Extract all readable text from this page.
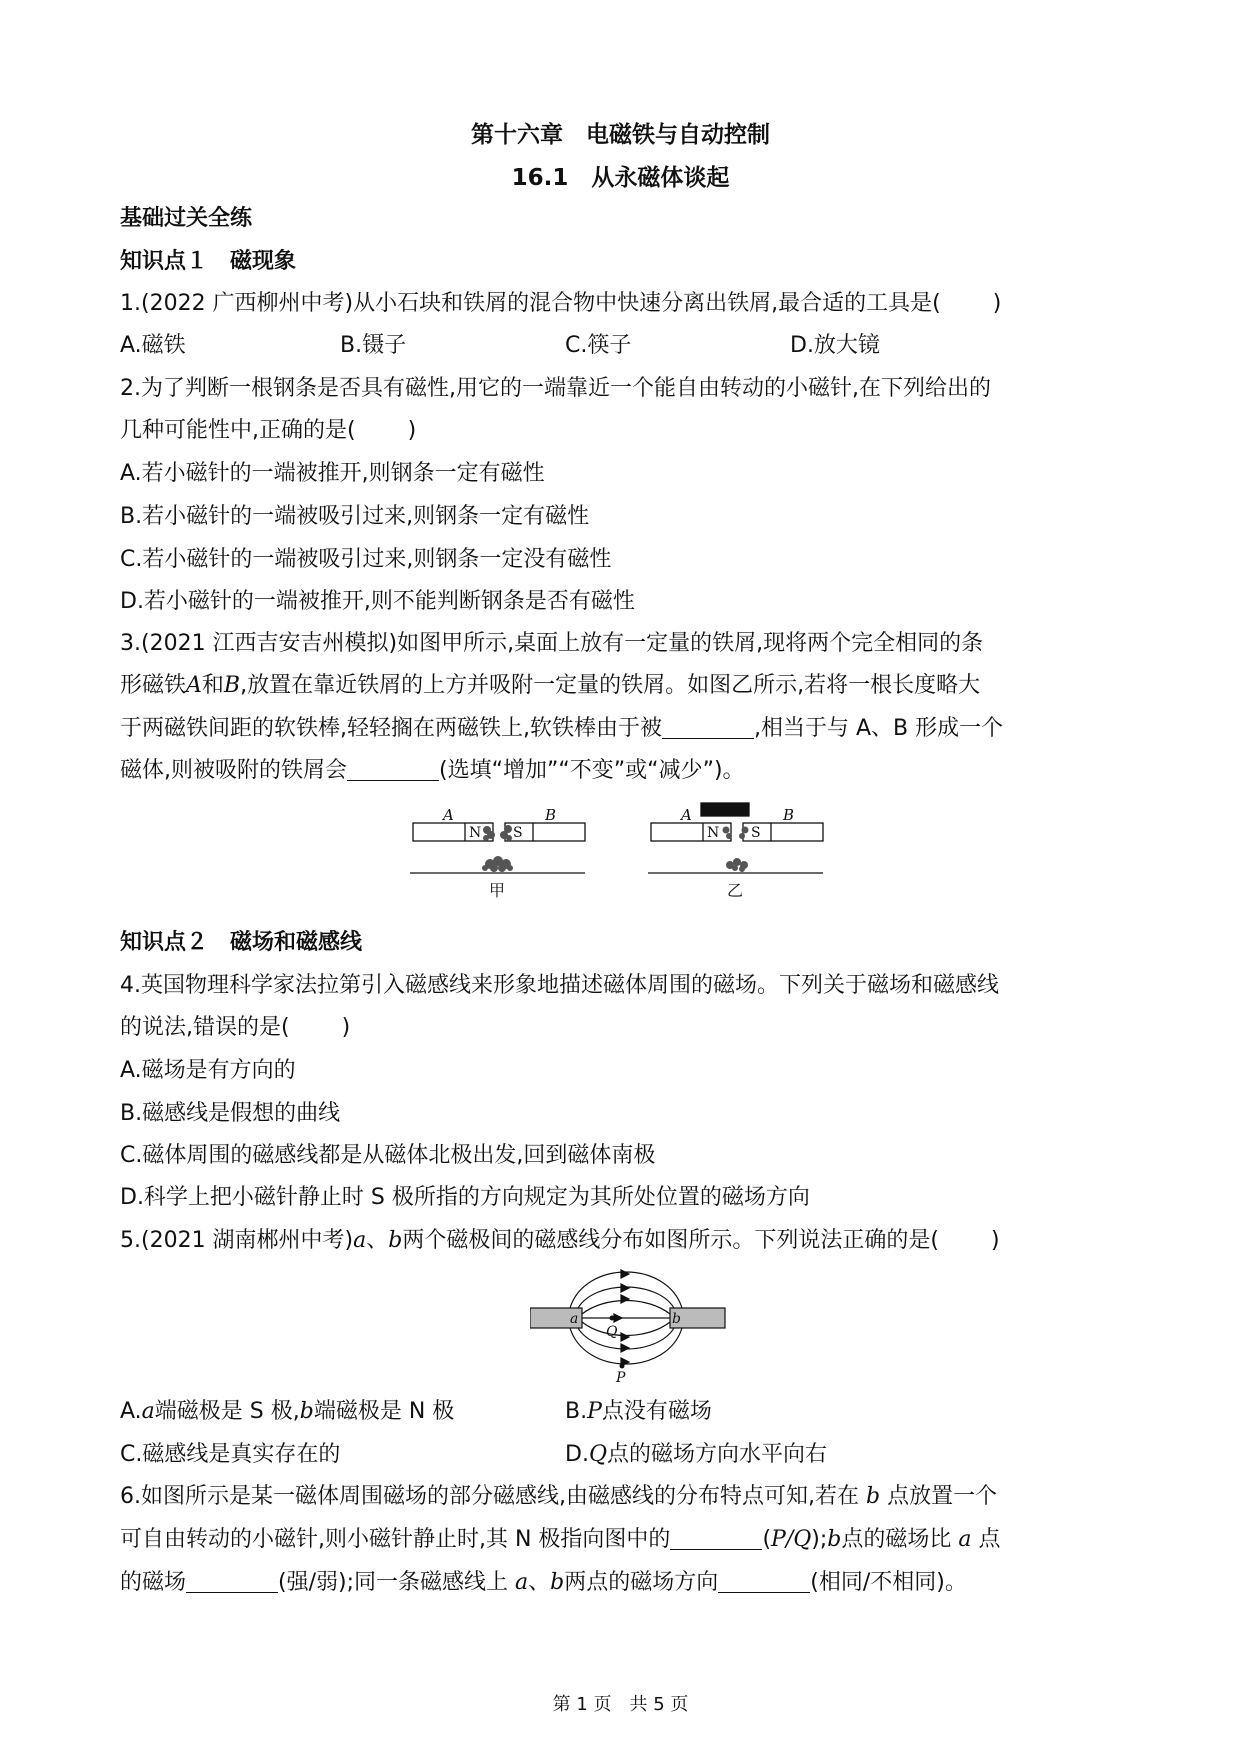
第十六章　电磁铁与自动控制
16.1　从永磁体谈起
基础过关全练
知识点１　磁现象
1.(2022 广西柳州中考)从小石块和铁屑的混合物中快速分离出铁屑,最合适的工具是( )
A.磁铁	B.镊子	C.筷子	D.放大镜
2.为了判断一根钢条是否具有磁性,用它的一端靠近一个能自由转动的小磁针,在下列给出的
几种可能性中,正确的是( )
A.若小磁针的一端被推开,则钢条一定有磁性
B.若小磁针的一端被吸引过来,则钢条一定有磁性
C.若小磁针的一端被吸引过来,则钢条一定没有磁性
D.若小磁针的一端被推开,则不能判断钢条是否有磁性
3.(2021 江西吉安吉州模拟)如图甲所示,桌面上放有一定量的铁屑,现将两个完全相同的条
形磁铁A和B,放置在靠近铁屑的上方并吸附一定量的铁屑。如图乙所示,若将一根长度略大
于两磁铁间距的软铁棒,轻轻搁在两磁铁上,软铁棒由于被	,相当于与 A、B 形成一个
磁体,则被吸附的铁屑会	(选填“增加”“不变”或“减少”)。
A	B
N S
甲
A	B
N S
乙
知识点２　磁场和磁感线
4.英国物理科学家法拉第引入磁感线来形象地描述磁体周围的磁场。下列关于磁场和磁感线
的说法,错误的是( )
A.磁场是有方向的
B.磁感线是假想的曲线
C.磁体周围的磁感线都是从磁体北极出发,回到磁体南极
D.科学上把小磁针静止时 S 极所指的方向规定为其所处位置的磁场方向
5.(2021 湖南郴州中考)a、b两个磁极间的磁感线分布如图所示。下列说法正确的是( )
a	b
Q
P
A.a端磁极是 S 极,b端磁极是 N 极	B.P点没有磁场
C.磁感线是真实存在的	D.Q点的磁场方向水平向右
6.如图所示是某一磁体周围磁场的部分磁感线,由磁感线的分布特点可知,若在 b 点放置一个
可自由转动的小磁针,则小磁针静止时,其 N 极指向图中的	(P/Q);b点的磁场比 a 点
的磁场	(强/弱);同一条磁感线上 a、b两点的磁场方向	(相同/不相同)。
第 1 页　共 5 页
